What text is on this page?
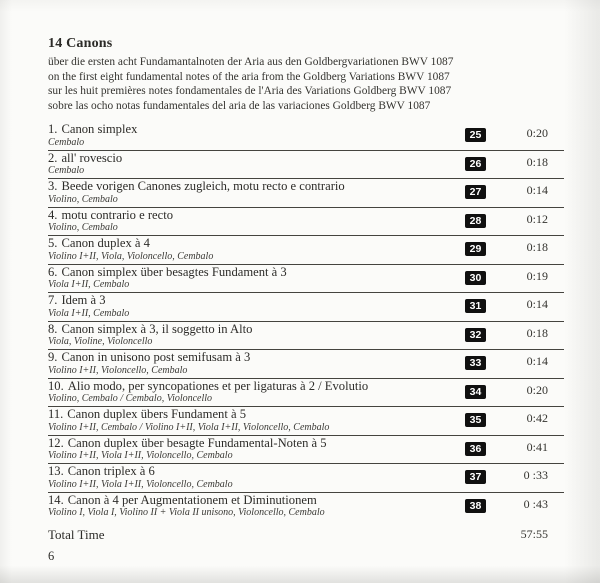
14 Canons
über die ersten acht Fundamantalnoten der Aria aus den Goldbergvariationen BWV 1087
on the first eight fundamental notes of the aria from the Goldberg Variations BWV 1087
sur les huit premières notes fondamentales de l'Aria des Variations Goldberg BWV 1087
sobre las ocho notas fundamentales del aria de las variaciones Goldberg BWV 1087
1. Canon simplex
Cembalo
25	0:20
2. all' rovescio
Cembalo
26	0:18
3. Beede vorigen Canones zugleich, motu recto e contrario
Violino, Cembalo
27	0:14
4. motu contrario e recto
Violino, Cembalo
28	0:12
5. Canon duplex à 4
Violino I+II, Viola, Violoncello, Cembalo
29	0:18
6. Canon simplex über besagtes Fundament à 3
Viola I+II, Cembalo
30	0:19
7. Idem à 3
Viola I+II, Cembalo
31	0:14
8. Canon simplex à 3, il soggetto in Alto
Viola, Violine, Violoncello
32	0:18
9. Canon in unisono post semifusam à 3
Violino I+II, Violoncello, Cembalo
33	0:14
10. Alio modo, per syncopationes et per ligaturas à 2 / Evolutio
Violino, Cembalo / Cembalo, Violoncello
34	0:20
11. Canon duplex übers Fundament à 5
Violino I+II, Cembalo / Violino I+II, Viola I+II, Violoncello, Cembalo
35	0:42
12. Canon duplex über besagte Fundamental-Noten à 5
Violino I+II, Viola I+II, Violoncello, Cembalo
36	0:41
13. Canon triplex à 6
Violino I+II, Viola I+II, Violoncello, Cembalo
37	0 :33
14. Canon à 4 per Augmentationem et Diminutionem
Violino I, Viola I, Violino II + Viola II unisono, Violoncello, Cembalo
38	0 :43
Total Time	57:55
6
